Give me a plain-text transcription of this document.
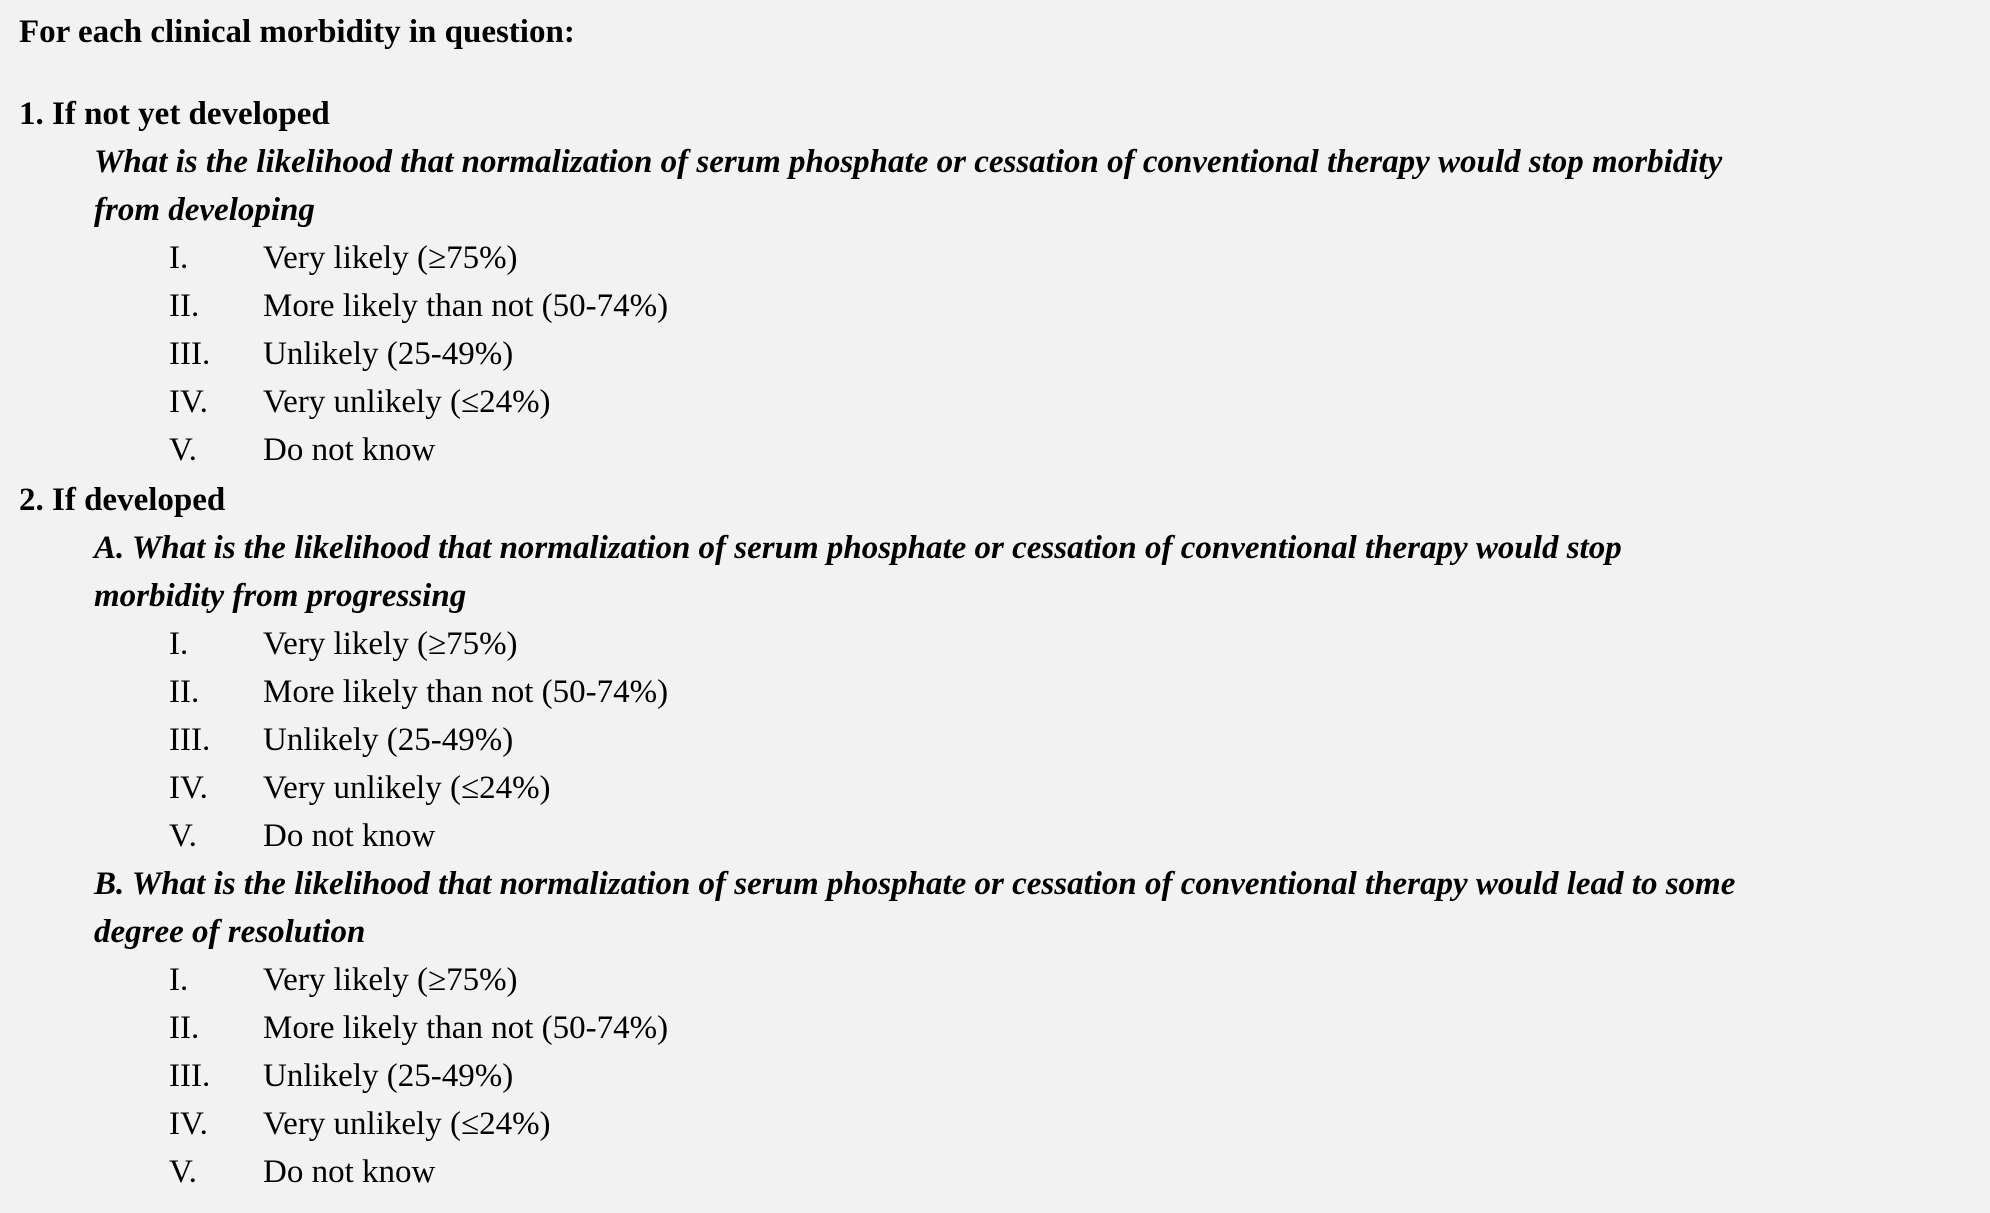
For each clinical morbidity in question:
1. If not yet developed
What is the likelihood that normalization of serum phosphate or cessation of conventional therapy would stop morbidity
from developing
I. Very likely (≥75%)
II. More likely than not (50-74%)
III. Unlikely (25-49%)
IV. Very unlikely (≤24%)
V. Do not know
2. If developed
A. What is the likelihood that normalization of serum phosphate or cessation of conventional therapy would stop
morbidity from progressing
I. Very likely (≥75%)
II. More likely than not (50-74%)
III. Unlikely (25-49%)
IV. Very unlikely (≤24%)
V. Do not know
B. What is the likelihood that normalization of serum phosphate or cessation of conventional therapy would lead to some
degree of resolution
I. Very likely (≥75%)
II. More likely than not (50-74%)
III. Unlikely (25-49%)
IV. Very unlikely (≤24%)
V. Do not know
